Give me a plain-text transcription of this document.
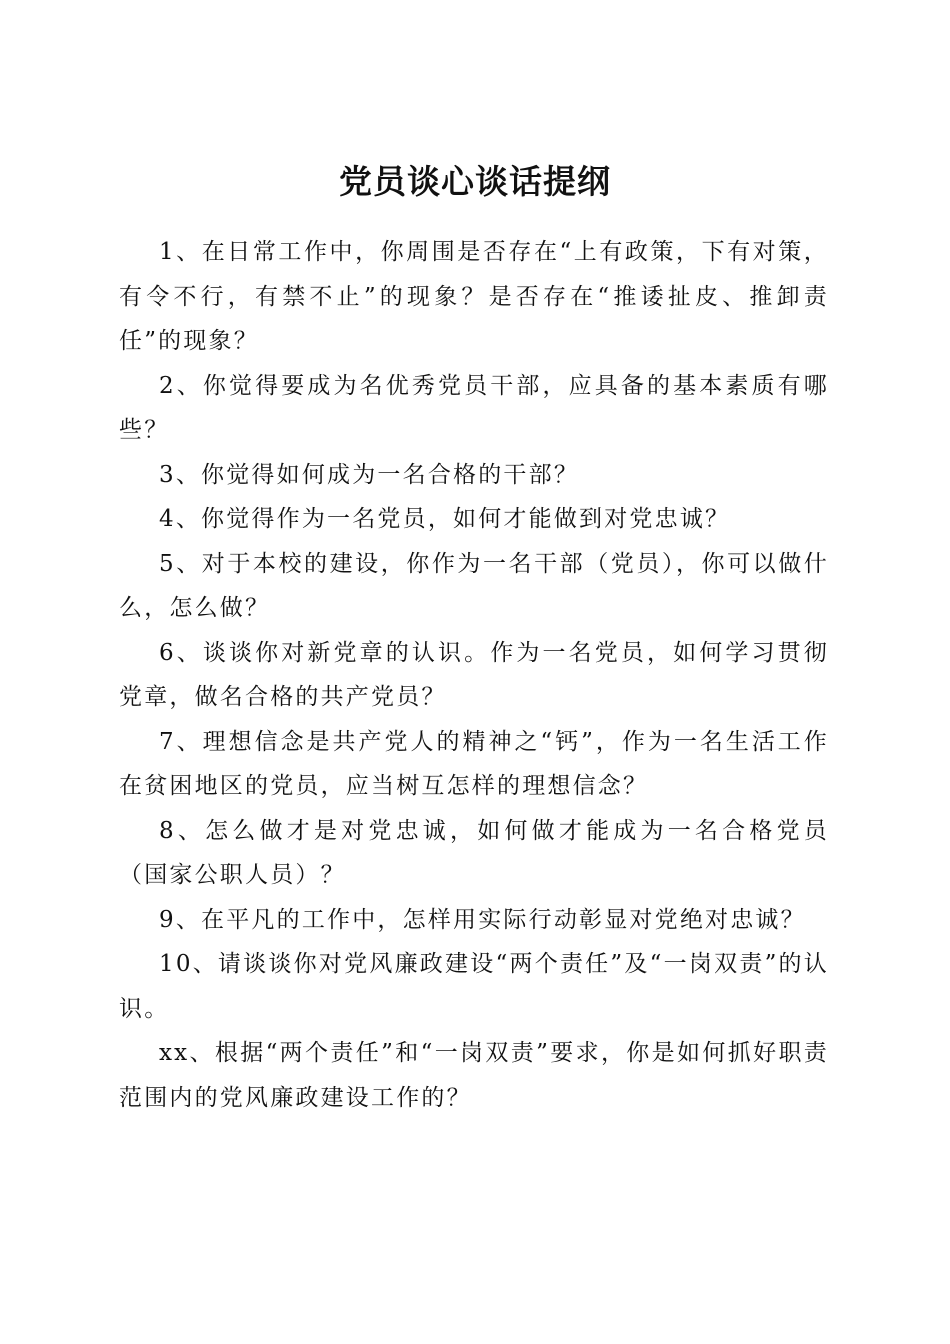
党员谈心谈话提纲

1、在日常工作中，你周围是否存在“上有政策，下有对策，有令不行，有禁不止”的现象？是否存在“推诿扯皮、推卸责任”的现象？

2、你觉得要成为名优秀党员干部，应具备的基本素质有哪些？

3、你觉得如何成为一名合格的干部？

4、你觉得作为一名党员，如何才能做到对党忠诚？

5、对于本校的建设，你作为一名干部（党员），你可以做什么，怎么做？

6、谈谈你对新党章的认识。作为一名党员，如何学习贯彻党章，做名合格的共产党员？

7、理想信念是共产党人的精神之“钙”，作为一名生活工作在贫困地区的党员，应当树互怎样的理想信念？

8、怎么做才是对党忠诚，如何做才能成为一名合格党员（国家公职人员）？

9、在平凡的工作中，怎样用实际行动彰显对党绝对忠诚？

10、请谈谈你对党风廉政建设“两个责任”及“一岗双责”的认识。

xx、根据“两个责任”和“一岗双责”要求，你是如何抓好职责范围内的党风廉政建设工作的？
